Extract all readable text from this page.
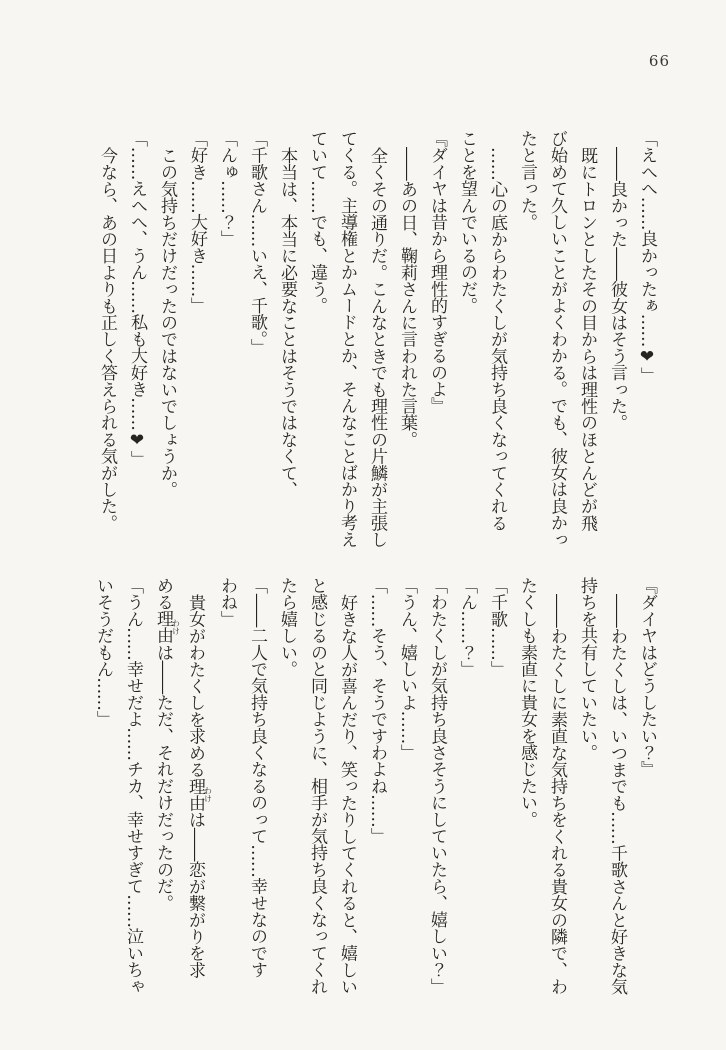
66

「えへへ……良かったぁ……❤」

――良かった――彼女はそう言った。

既にトロンとしたその目からは理性のほとんどが飛

び始めて久しいことがよくわかる。でも、彼女は良かっ

たと言った。

……心の底からわたくしが気持ち良くなってくれる

ことを望んでいるのだ。

『ダイヤは昔から理性的すぎるのよ』

――あの日、鞠莉さんに言われた言葉。

全くその通りだ。こんなときでも理性の片鱗が主張し

てくる。主導権とかムードとか、そんなことばかり考え

ていて……でも、違う。

本当は、本当に必要なことはそうではなくて、

「千歌さん……いえ、千歌。」

「んゅ……？」

「好き……大好き……」

この気持ちだけだったのではないでしょうか。

「……えへへ、うん……私も大好き……❤」

今なら、あの日よりも正しく答えられる気がした。

『ダイヤはどうしたい？』

――わたくしは、いつまでも……千歌さんと好きな気

持ちを共有していたい。

――わたくしに素直な気持ちをくれる貴女の隣で、わ

たくしも素直に貴女を感じたい。

「千歌……」

「ん……？」

「わたくしが気持ち良さそうにしていたら、嬉しい？」

「うん、嬉しいよ……」

「……そう、そうですわよね……」

好きな人が喜んだり、笑ったりしてくれると、嬉しい

と感じるのと同じように、相手が気持ち良くなってくれ

たら嬉しい。

「――二人で気持ち良くなるのって……幸せなのです

わね」

貴女がわたくしを求める理由わけは――恋が繋がりを求

める理由わけは――ただ、それだけだったのだ。

「うん……幸せだよ……チカ、幸せすぎて……泣いちゃ

いそうだもん……」
